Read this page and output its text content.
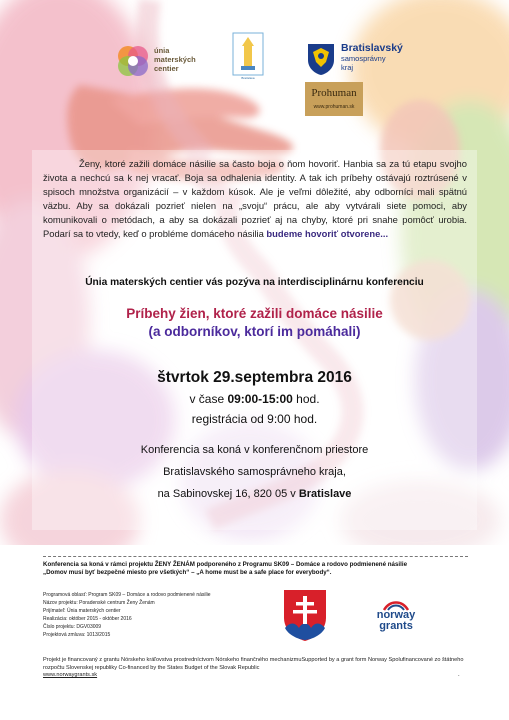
únia
materských
centier
Bratislava
Bratislavský
samosprávny
kraj
Prohuman
www.prohuman.sk
Ženy, ktoré zažili domáce násilie sa často boja o ňom hovoriť. Hanbia sa za tú etapu svojho života a nechcú sa k nej vracať. Boja sa odhalenia identity. A tak ich príbehy ostávajú roztrúsené v spisoch množstva organizácií – v každom kúsok. Ale je veľmi dôležité, aby odborníci mali spätnú väzbu. Aby sa dokázali pozrieť nielen na „svoju“ prácu, ale aby vytvárali siete pomoci, aby komunikovali o metódach, a aby sa dokázali pozrieť aj na chyby, ktoré pri snahe pomôcť urobia. Podarí sa to vtedy, keď o probléme domáceho násilia budeme hovoriť otvorene...
Únia materských centier vás pozýva na interdisciplinárnu konferenciu
Príbehy žien, ktoré zažili domáce násilie
(a odborníkov, ktorí im pomáhali)
štvrtok 29.septembra 2016
v čase 09:00-15:00 hod.
registrácia od 9:00 hod.
Konferencia sa koná v konferenčnom priestore
Bratislavského samosprávneho kraja,
na Sabinovskej 16, 820 05 v Bratislave
Konferencia sa koná v rámci projektu ŽENY ŽENÁM podporeného z Programu SK09 – Domáce a rodovo podmienené násilie
„Domov musí byť bezpečné miesto pre všetkých“ – „A home must be a safe place for everybody“.
Programová oblasť: Program SK09 – Domáce a rodovo podmienené násilie
Názov projektu: Poradenské centrum Ženy Ženám
Prijímateľ: Únia materských centier
Realizácia: október 2015 - október 2016
Číslo projektu: DGV03009
Projektová zmluva: 1013/2015
norway
grants
Projekt je financovaný z grantu Nórskeho kráľovstva prostredníctvom Nórskeho finančného mechanizmuSupported by a grant form Norway Spolufinancované zo štátneho rozpočtu Slovenskej republiky Co-financed by the States Budget of the Slovak Republic
www.norwaygrants.sk	.
